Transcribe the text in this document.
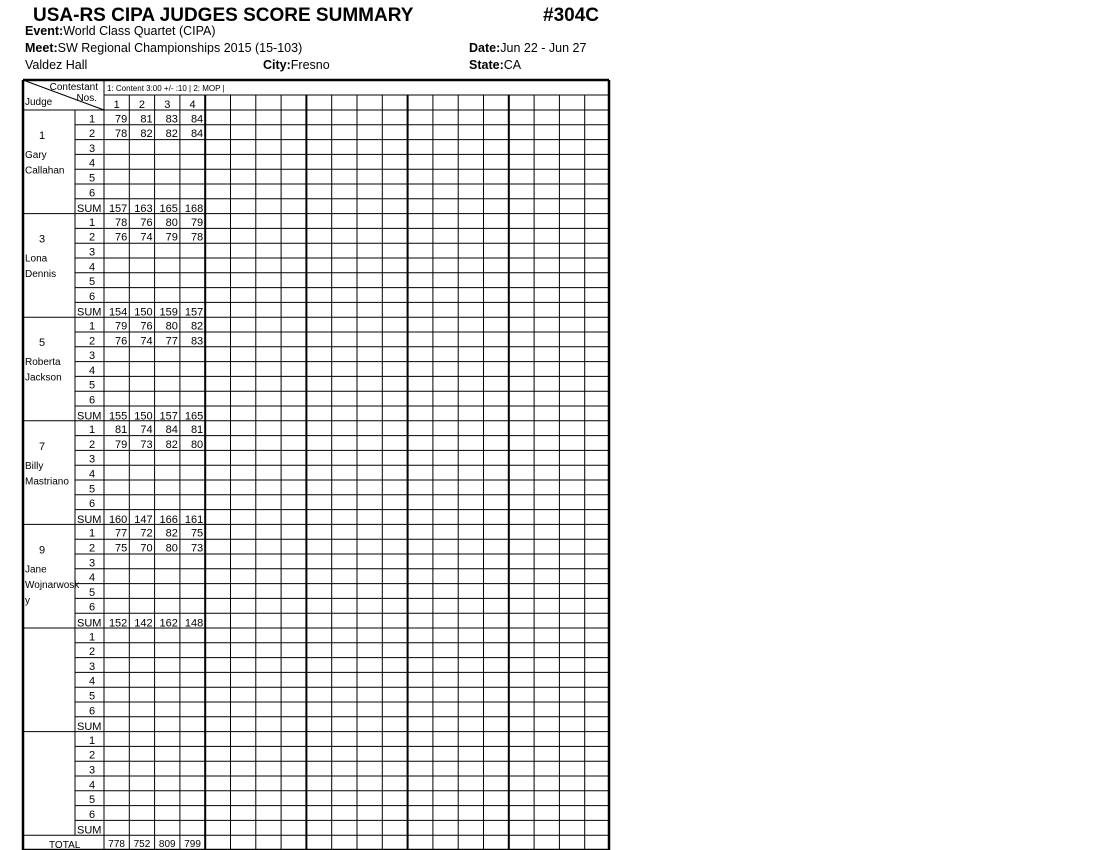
USA-RS CIPA JUDGES SCORE SUMMARY	#304C
Event:World Class Quartet (CIPA)
Meet:SW Regional Championships 2015 (15-103)	Date:Jun 22 - Jun 27
Valdez Hall	City:Fresno	State:CA
Contestant
Nos.
Judge
1: Content 3:00 +/- :10 | 2: MOP |
1 2 3 4
1
Gary
Callahan
1 79 81 83 84
2 78 82 82 84
3
4
5
6
SUM 157 163 165 168
3
Lona
Dennis
1 78 76 80 79
2 76 74 79 78
3
4
5
6
SUM 154 150 159 157
5
Roberta
Jackson
1 79 76 80 82
2 76 74 77 83
3
4
5
6
SUM 155 150 157 165
7
Billy
Mastriano
1 81 74 84 81
2 79 73 82 80
3
4
5
6
SUM 160 147 166 161
9
Jane
Wojnarwosk
y
1 77 72 82 75
2 75 70 80 73
3
4
5
6
SUM 152 142 162 148
1
2
3
4
5
6
SUM
1
2
3
4
5
6
SUM
TOTAL	778 752 809 799
